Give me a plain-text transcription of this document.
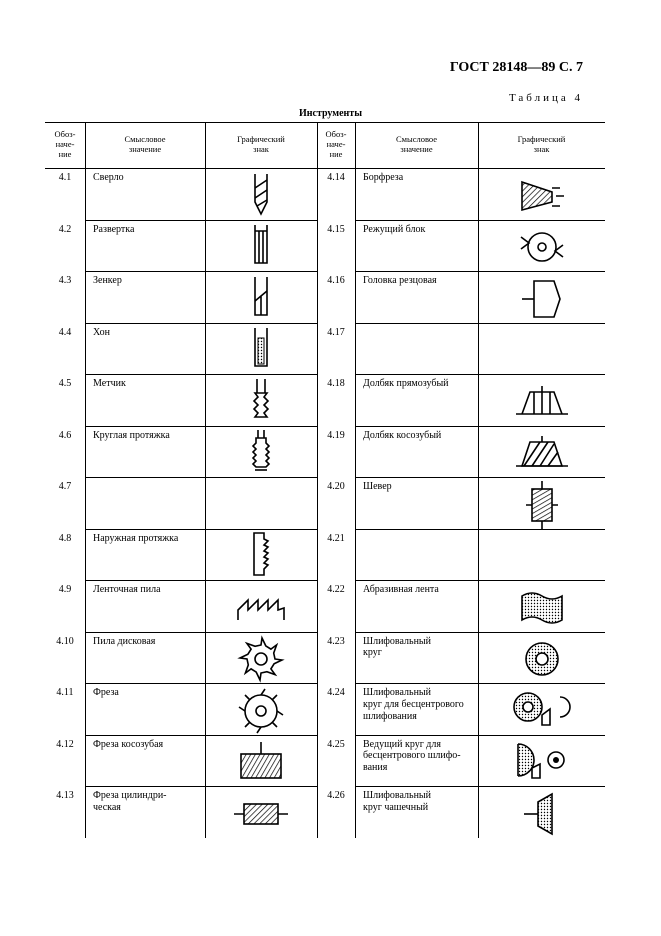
ГОСТ 28148—89 С. 7
Таблица 4
Инструменты
Обоз-
наче-
ние
Смысловое
значение
Графический
знак
Обоз-
наче-
ние
Смысловое
значение
Графический
знак
4.1	Сверло
4.2	Развертка
4.3	Зенкер
4.4	Хон
4.5	Метчик
4.6	Круглая протяжка
4.7
4.8	Наружная протяжка
4.9	Ленточная пила
4.10	Пила дисковая
4.11	Фреза
4.12	Фреза косозубая
4.13	Фреза цилиндри-
ческая
4.14	Борфреза
4.15	Режущий блок
4.16	Головка резцовая
4.17
4.18	Долбяк прямозубый
4.19	Долбяк косозубый
4.20	Шевер
4.21
4.22	Абразивная лента
4.23	Шлифовальный
круг
4.24	Шлифовальный
круг для бесцентрового
шлифования
4.25	Ведущий круг для
бесцентрового шлифо-
вания
4.26	Шлифовальный
круг чашечный
